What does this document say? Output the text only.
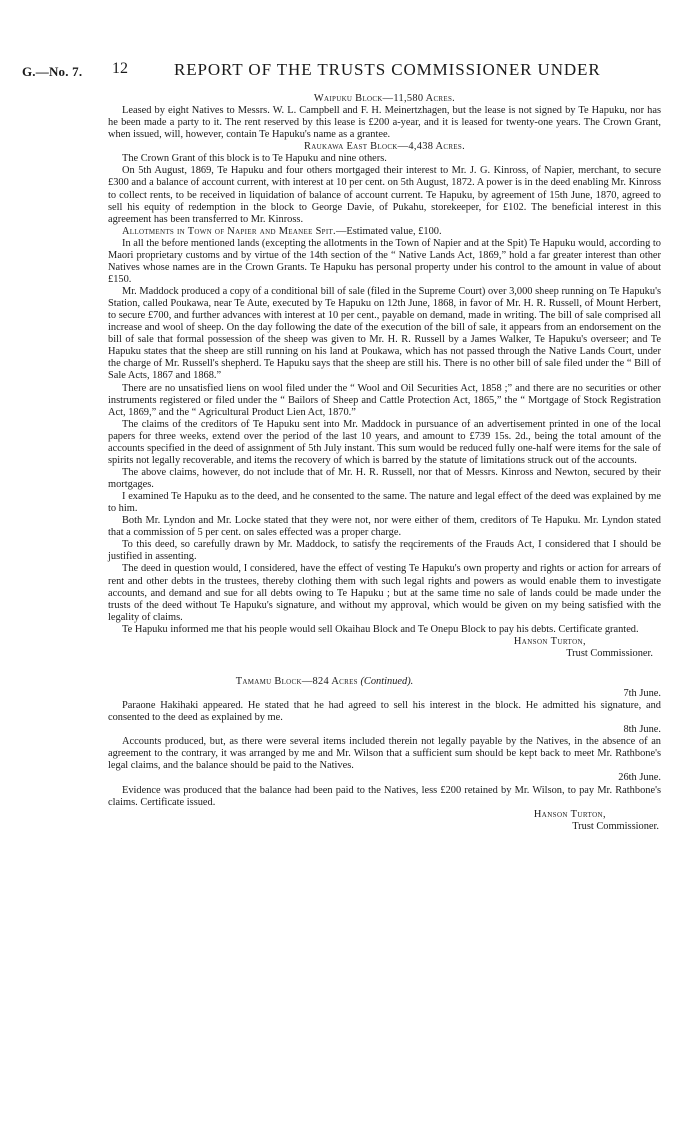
G.—No. 7. 12	REPORT OF THE TRUSTS COMMISSIONER UNDER

Waipuku Block—11,580 Acres.

Leased by eight Natives to Messrs. W. L. Campbell and F. H. Meinertzhagen, but the lease is not signed by Te Hapuku, nor has he been made a party to it. The rent reserved by this lease is £200 a-year, and it is leased for twenty-one years. The Crown Grant, when issued, will, however, contain Te Hapuku's name as a grantee.

Raukawa East Block—4,438 Acres.

The Crown Grant of this block is to Te Hapuku and nine others.

On 5th August, 1869, Te Hapuku and four others mortgaged their interest to Mr. J. G. Kinross, of Napier, merchant, to secure £300 and a balance of account current, with interest at 10 per cent. on 5th August, 1872. A power is in the deed enabling Mr. Kinross to collect rents, to be received in liquidation of balance of account current. Te Hapuku, by agreement of 15th June, 1870, agreed to sell his equity of redemption in the block to George Davie, of Pukahu, storekeeper, for £102. The beneficial interest in this agreement has been transferred to Mr. Kinross.

Allotments in Town of Napier and Meanee Spit.—Estimated value, £100.

In all the before mentioned lands (excepting the allotments in the Town of Napier and at the Spit) Te Hapuku would, according to Maori proprietary customs and by virtue of the 14th section of the “ Native Lands Act, 1869,” hold a far greater interest than other Natives whose names are in the Crown Grants. Te Hapuku has personal property under his control to the amount in value of about £150.

Mr. Maddock produced a copy of a conditional bill of sale (filed in the Supreme Court) over 3,000 sheep running on Te Hapuku's Station, called Poukawa, near Te Aute, executed by Te Hapuku on 12th June, 1868, in favor of Mr. H. R. Russell, of Mount Herbert, to secure £700, and further advances with interest at 10 per cent., payable on demand, made in writing. The bill of sale comprised all increase and wool of sheep. On the day following the date of the execution of the bill of sale, it appears from an endorsement on the bill of sale that formal possession of the sheep was given to Mr. H. R. Russell by a James Walker, Te Hapuku's overseer; and Te Hapuku states that the sheep are still running on his land at Poukawa, which has not passed through the Native Lands Court, under the charge of Mr. Russell's shepherd. Te Hapuku says that the sheep are still his. There is no other bill of sale filed under the “ Bill of Sale Acts, 1867 and 1868.”

There are no unsatisfied liens on wool filed under the “ Wool and Oil Securities Act, 1858 ;” and there are no securities or other instruments registered or filed under the “ Bailors of Sheep and Cattle Protection Act, 1865,” the “ Mortgage of Stock Registration Act, 1869,” and the “ Agricultural Product Lien Act, 1870.”

The claims of the creditors of Te Hapuku sent into Mr. Maddock in pursuance of an advertisement printed in one of the local papers for three weeks, extend over the period of the last 10 years, and amount to £739 15s. 2d., being the total amount of the accounts specified in the deed of assignment of 5th July instant. This sum would be reduced fully one-half were items for the sale of spirits not legally recoverable, and items the recovery of which is barred by the statute of limitations struck out of the accounts.

The above claims, however, do not include that of Mr. H. R. Russell, nor that of Messrs. Kinross and Newton, secured by their mortgages.

I examined Te Hapuku as to the deed, and he consented to the same. The nature and legal effect of the deed was explained by me to him.

Both Mr. Lyndon and Mr. Locke stated that they were not, nor were either of them, creditors of Te Hapuku. Mr. Lyndon stated that a commission of 5 per cent. on sales effected was a proper charge.

To this deed, so carefully drawn by Mr. Maddock, to satisfy the reqcirements of the Frauds Act, I considered that I should be justified in assenting.

The deed in question would, I considered, have the effect of vesting Te Hapuku's own property and rights or action for arrears of rent and other debts in the trustees, thereby clothing them with such legal rights and powers as would enable them to investigate accounts, and demand and sue for all debts owing to Te Hapuku ; but at the same time no sale of lands could be made under the trusts of the deed without Te Hapuku's signature, and without my approval, which would be given on my being satisfied with the legality of claims.

Te Hapuku informed me that his people would sell Okaihau Block and Te Onepu Block to pay his debts. Certificate granted.

Hanson Turton,

Trust Commissioner.

Tamamu Block—824 Acres (Continued).

7th June.

Paraone Hakihaki appeared. He stated that he had agreed to sell his interest in the block. He admitted his signature, and consented to the deed as explained by me.

8th June.

Accounts produced, but, as there were several items included therein not legally payable by the Natives, in the absence of an agreement to the contrary, it was arranged by me and Mr. Wilson that a sufficient sum should be kept back to meet Mr. Rathbone's legal claims, and the balance should be paid to the Natives.

26th June.

Evidence was produced that the balance had been paid to the Natives, less £200 retained by Mr. Wilson, to pay Mr. Rathbone's claims. Certificate issued.

Hanson Turton,

Trust Commissioner.
